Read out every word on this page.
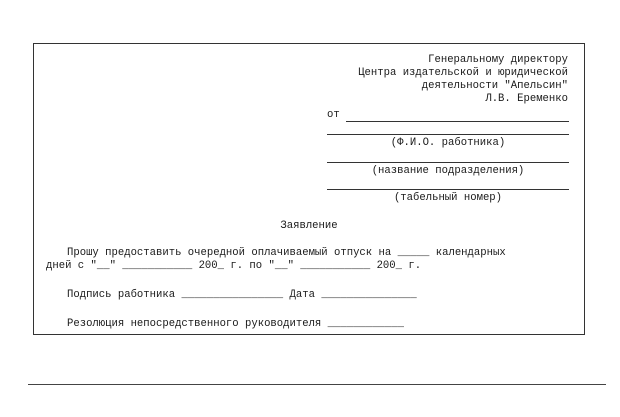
Генеральному директору
Центра издательской и юридической
деятельности "Апельсин"
Л.В. Еременко
от
(Ф.И.О. работника)
(название подразделения)
(табельный номер)
Заявление
Прошу предоставить очередной оплачиваемый отпуск на _____ календарных
дней с "__" ___________ 200_ г. по "__" ___________ 200_ г.
Подпись работника ________________ Дата _______________
Резолюция непосредственного руководителя ____________
